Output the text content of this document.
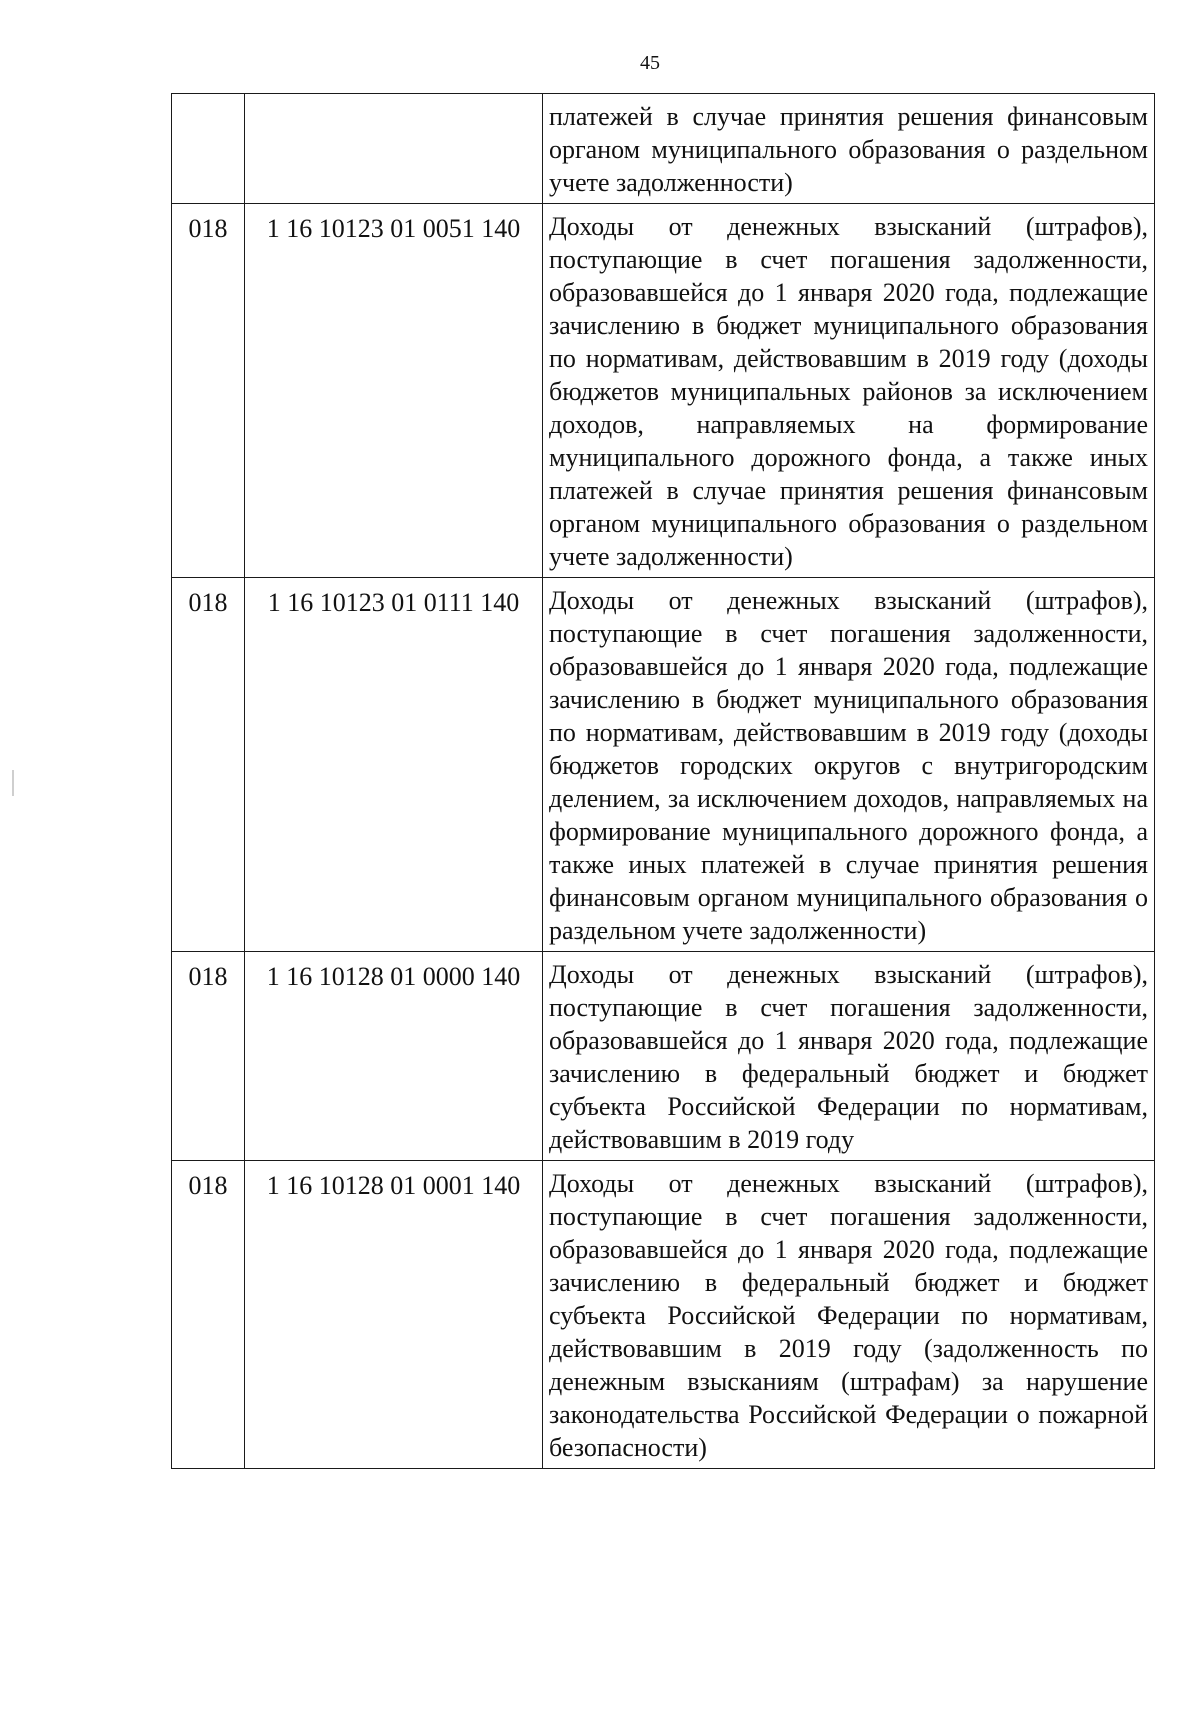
45
		платежей в случае принятия решения финансовым органом муниципального образования о раздельном учете задолженности)
018	1 16 10123 01 0051 140	Доходы от денежных взысканий (штрафов), поступающие в счет погашения задолженности, образовавшейся до 1 января 2020 года, подлежащие зачислению в бюджет муниципального образования по нормативам, действовавшим в 2019 году (доходы бюджетов муниципальных районов за исключением доходов, направляемых на формирование муниципального дорожного фонда, а также иных платежей в случае принятия решения финансовым органом муниципального образования о раздельном учете задолженности)
018	1 16 10123 01 0111 140	Доходы от денежных взысканий (штрафов), поступающие в счет погашения задолженности, образовавшейся до 1 января 2020 года, подлежащие зачислению в бюджет муниципального образования по нормативам, действовавшим в 2019 году (доходы бюджетов городских округов с внутригородским делением, за исключением доходов, направляемых на формирование муниципального дорожного фонда, а также иных платежей в случае принятия решения финансовым органом муниципального образования о раздельном учете задолженности)
018	1 16 10128 01 0000 140	Доходы от денежных взысканий (штрафов), поступающие в счет погашения задолженности, образовавшейся до 1 января 2020 года, подлежащие зачислению в федеральный бюджет и бюджет субъекта Российской Федерации по нормативам, действовавшим в 2019 году
018	1 16 10128 01 0001 140	Доходы от денежных взысканий (штрафов), поступающие в счет погашения задолженности, образовавшейся до 1 января 2020 года, подлежащие зачислению в федеральный бюджет и бюджет субъекта Российской Федерации по нормативам, действовавшим в 2019 году (задолженность по денежным взысканиям (штрафам) за нарушение законодательства Российской Федерации о пожарной безопасности)
